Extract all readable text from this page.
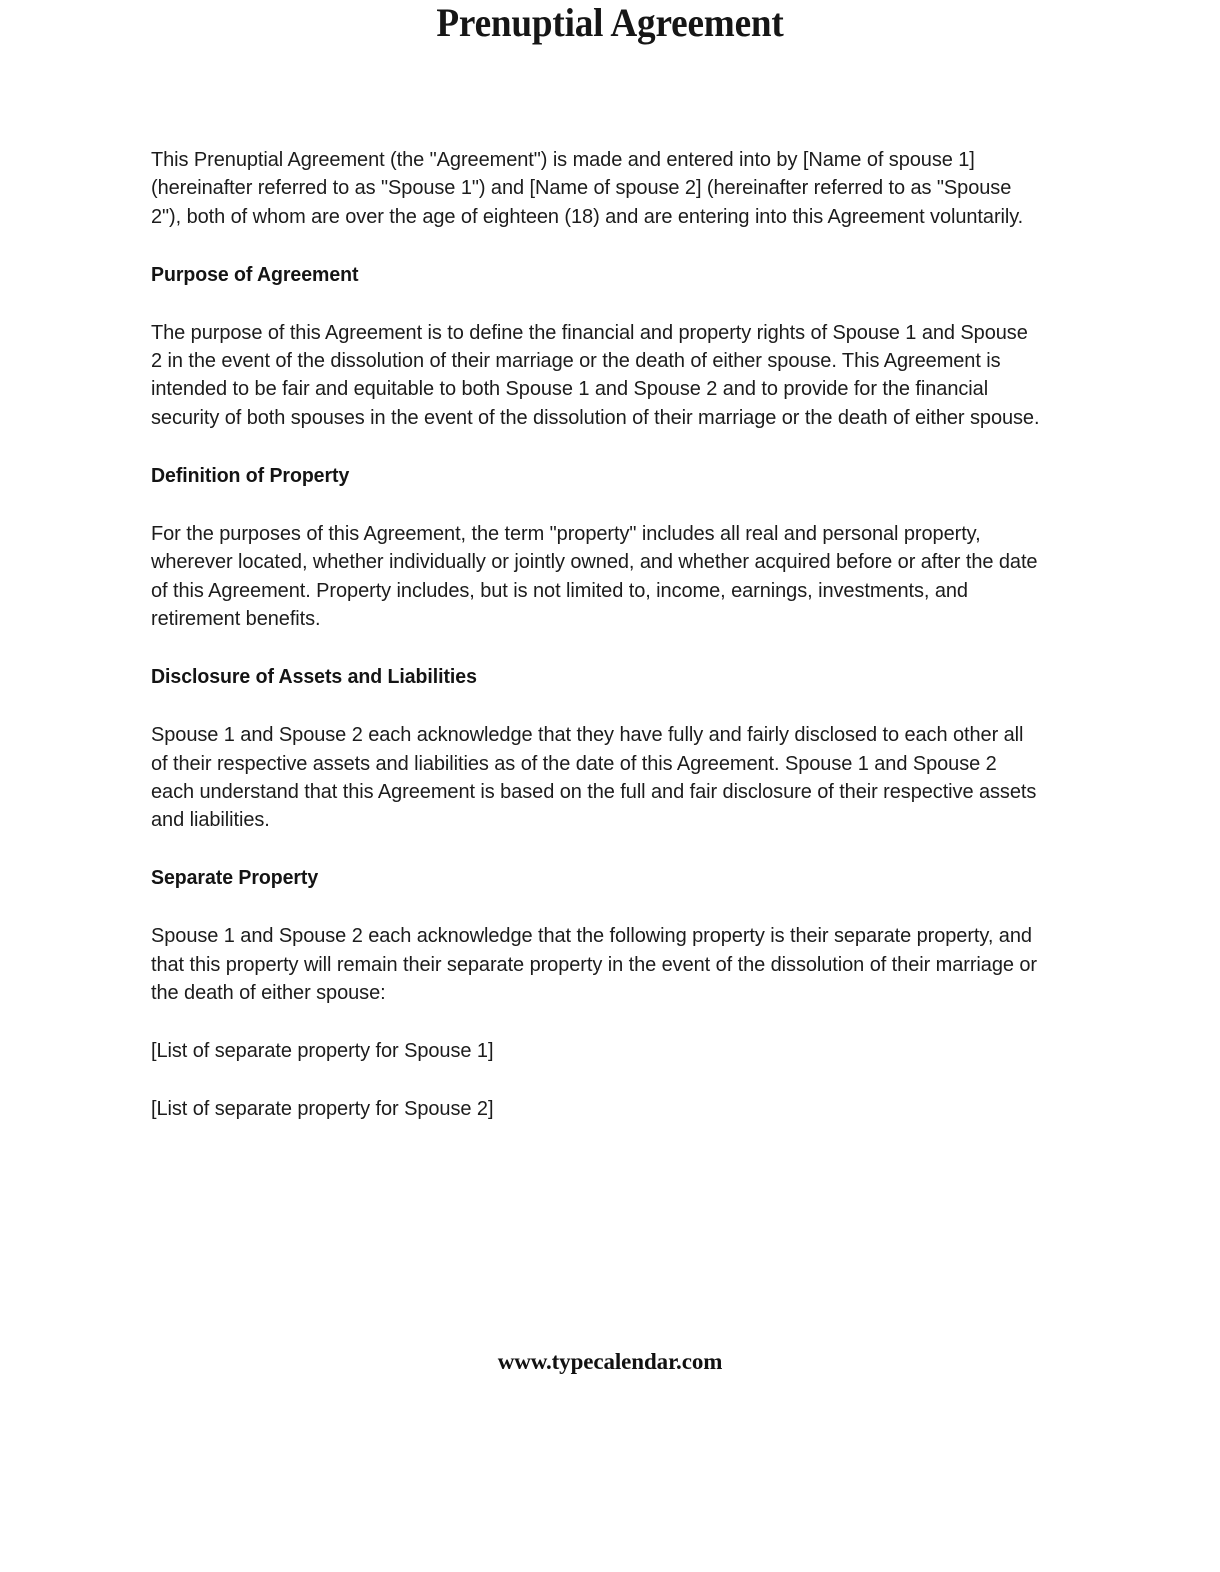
Prenuptial Agreement

This Prenuptial Agreement (the "Agreement") is made and entered into by [Name of spouse 1] (hereinafter referred to as "Spouse 1") and [Name of spouse 2] (hereinafter referred to as "Spouse 2"), both of whom are over the age of eighteen (18) and are entering into this Agreement voluntarily.

Purpose of Agreement

The purpose of this Agreement is to define the financial and property rights of Spouse 1 and Spouse 2 in the event of the dissolution of their marriage or the death of either spouse. This Agreement is intended to be fair and equitable to both Spouse 1 and Spouse 2 and to provide for the financial security of both spouses in the event of the dissolution of their marriage or the death of either spouse.

Definition of Property

For the purposes of this Agreement, the term "property" includes all real and personal property, wherever located, whether individually or jointly owned, and whether acquired before or after the date of this Agreement. Property includes, but is not limited to, income, earnings, investments, and retirement benefits.

Disclosure of Assets and Liabilities

Spouse 1 and Spouse 2 each acknowledge that they have fully and fairly disclosed to each other all of their respective assets and liabilities as of the date of this Agreement. Spouse 1 and Spouse 2 each understand that this Agreement is based on the full and fair disclosure of their respective assets and liabilities.

Separate Property

Spouse 1 and Spouse 2 each acknowledge that the following property is their separate property, and that this property will remain their separate property in the event of the dissolution of their marriage or the death of either spouse:

[List of separate property for Spouse 1]

[List of separate property for Spouse 2]

www.typecalendar.com
